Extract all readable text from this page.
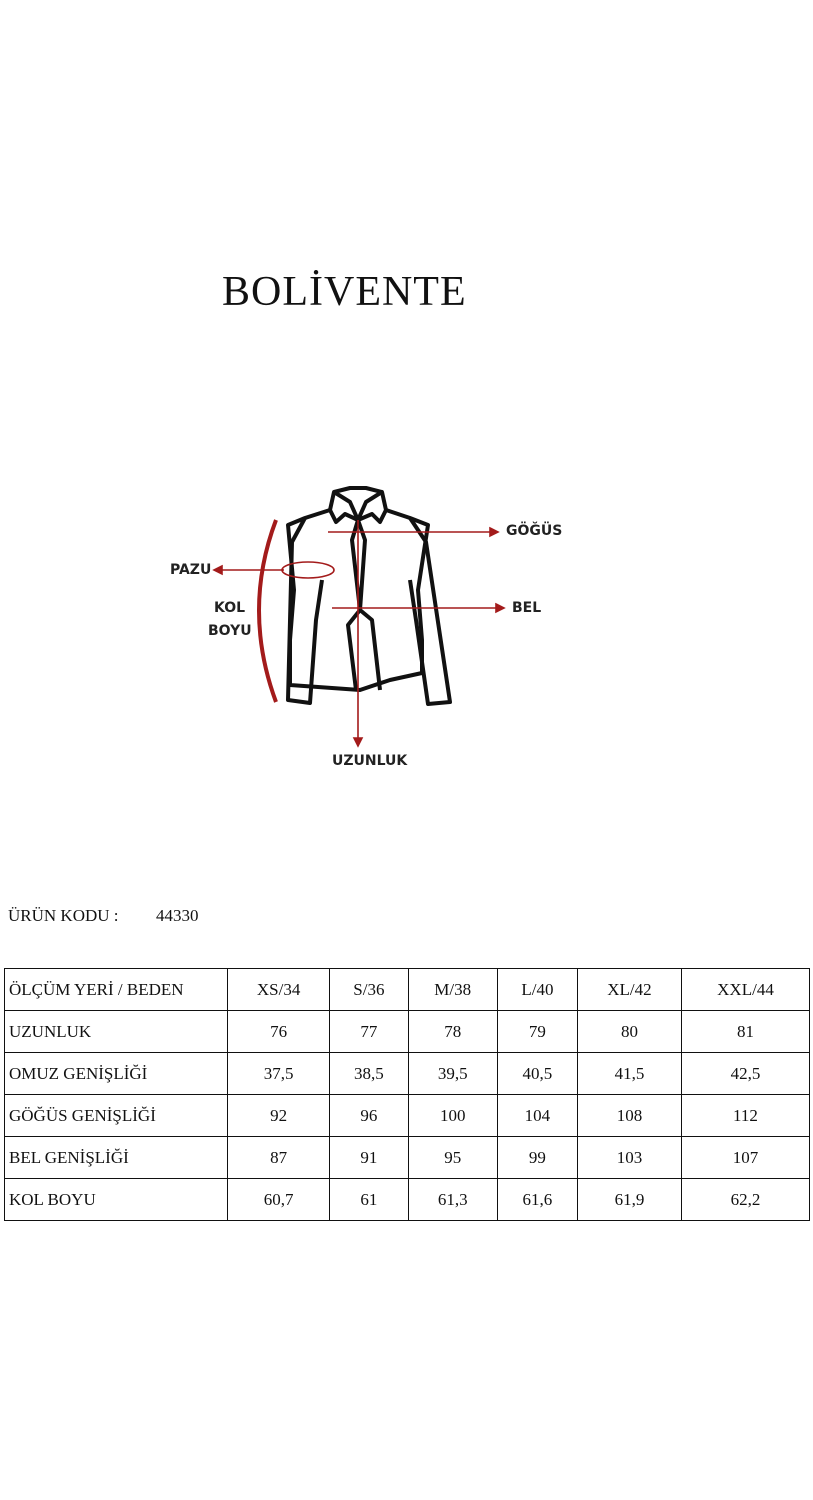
BOLİVENTE
GÖĞÜS
BEL
PAZU
KOL
BOYU
UZUNLUK
ÜRÜN KODU : 44330
ÖLÇÜM YERİ / BEDEN	XS/34	S/36	M/38	L/40	XL/42	XXL/44
UZUNLUK	76	77	78	79	80	81
OMUZ GENİŞLİĞİ	37,5	38,5	39,5	40,5	41,5	42,5
GÖĞÜS GENİŞLİĞİ	92	96	100	104	108	112
BEL GENİŞLİĞİ	87	91	95	99	103	107
KOL BOYU	60,7	61	61,3	61,6	61,9	62,2
